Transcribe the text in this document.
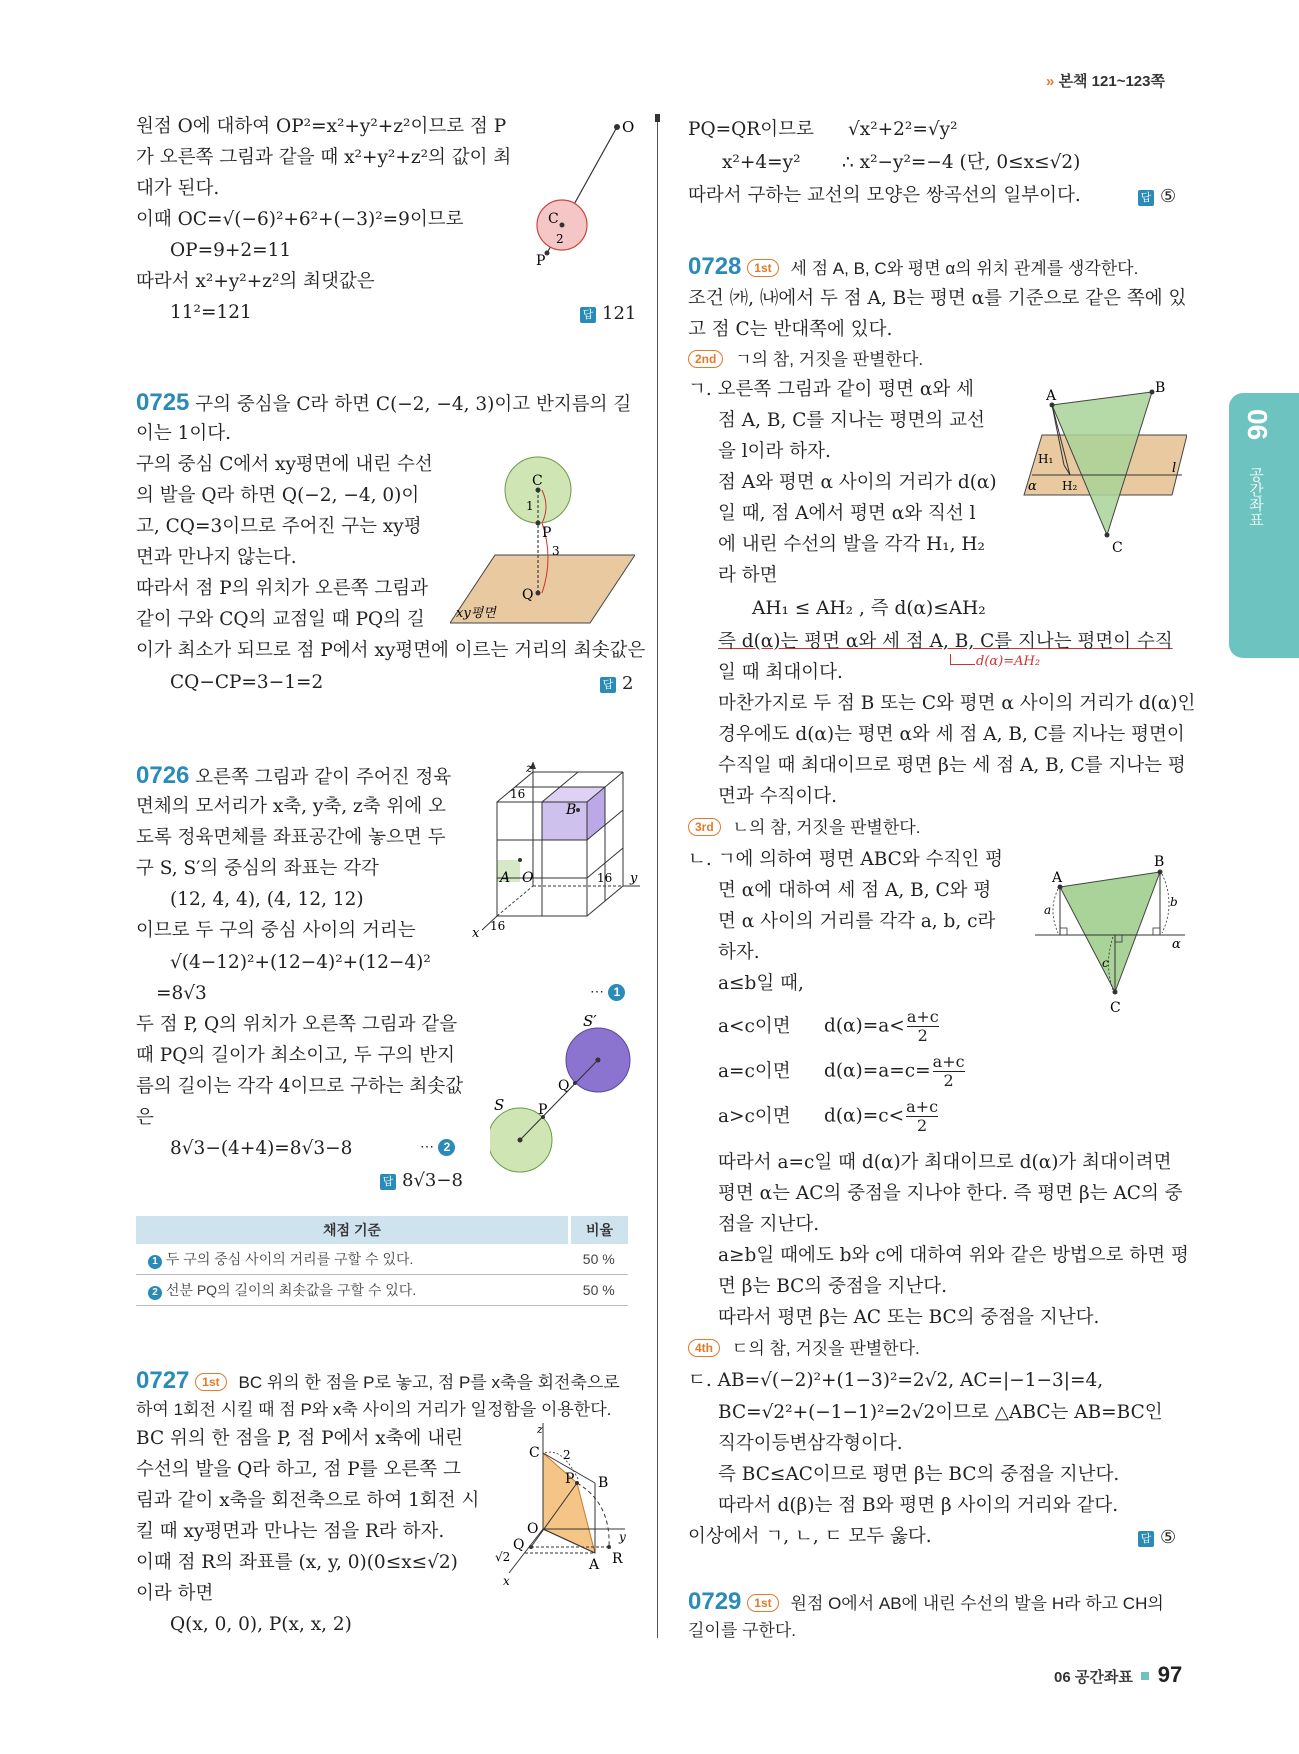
» 본책 121~123쪽
06
공간좌표
원점 O에 대하여 OP²=x²+y²+z²이므로 점 P
가 오른쪽 그림과 같을 때 x²+y²+z²의 값이 최
대가 된다.
이때 OC=√(−6)²+6²+(−3)²=9이므로
OP=9+2=11
따라서 x²+y²+z²의 최댓값은
11²=121	답 121
O
C
2
P
0725 구의 중심을 C라 하면 C(−2, −4, 3)이고 반지름의 길
이는 1이다.
구의 중심 C에서 xy평면에 내린 수선
의 발을 Q라 하면 Q(−2, −4, 0)이
고, CQ=3이므로 주어진 구는 xy평
면과 만나지 않는다.
따라서 점 P의 위치가 오른쪽 그림과
같이 구와 CQ의 교점일 때 PQ의 길
이가 최소가 되므로 점 P에서 xy평면에 이르는 거리의 최솟값은
CQ−CP=3−1=2	답 2
C
1
P
3
Q
xy평면
0726 오른쪽 그림과 같이 주어진 정육
면체의 모서리가 x축, y축, z축 위에 오
도록 정육면체를 좌표공간에 놓으면 두
구 S, S′의 중심의 좌표는 각각
(12, 4, 4), (4, 12, 12)
이므로 두 구의 중심 사이의 거리는
√(4−12)²+(12−4)²+(12−4)²
=8√3	⋯ 1
두 점 P, Q의 위치가 오른쪽 그림과 같을
때 PQ의 길이가 최소이고, 두 구의 반지
름의 길이는 각각 4이므로 구하는 최솟값
은
8√3−(4+4)=8√3−8	⋯ 2
답 8√3−8
z
y
x
16
16
16
B
A O
S′
S
Q
P
채점 기준	비율
1 두 구의 중심 사이의 거리를 구할 수 있다.	50 %
2 선분 PQ의 길이의 최솟값을 구할 수 있다.	50 %
0727 1st BC 위의 한 점을 P로 놓고, 점 P를 x축을 회전축으로
하여 1회전 시킬 때 점 P와 x축 사이의 거리가 일정함을 이용한다.
BC 위의 한 점을 P, 점 P에서 x축에 내린
수선의 발을 Q라 하고, 점 P를 오른쪽 그
림과 같이 x축을 회전축으로 하여 1회전 시
킬 때 xy평면과 만나는 점을 R라 하자.
이때 점 R의 좌표를 (x, y, 0)(0≤x≤√2)
이라 하면
Q(x, 0, 0), P(x, x, 2)
z
C 2
P B
O
Q	y
R
√2	A
x
PQ=QR이므로 √x²+2²=√y²
x²+4=y² ∴ x²−y²=−4 (단, 0≤x≤√2)
따라서 구하는 교선의 모양은 쌍곡선의 일부이다.	답 ⑤
0728 1st 세 점 A, B, C와 평면 α의 위치 관계를 생각한다.
조건 ㈎, ㈏에서 두 점 A, B는 평면 α를 기준으로 같은 쪽에 있
고 점 C는 반대쪽에 있다.
2nd ㄱ의 참, 거짓을 판별한다.
ㄱ. 오른쪽 그림과 같이 평면 α와 세
점 A, B, C를 지나는 평면의 교선
을 l이라 하자.
점 A와 평면 α 사이의 거리가 d(α)
일 때, 점 A에서 평면 α와 직선 l
에 내린 수선의 발을 각각 H₁, H₂
라 하면
AH₁ ≤ AH₂ , 즉 d(α)≤AH₂
즉 d(α)는 평면 α와 세 점 A, B, C를 지나는 평면이 수직
d(α)=AH₂
일 때 최대이다.
마찬가지로 두 점 B 또는 C와 평면 α 사이의 거리가 d(α)인
경우에도 d(α)는 평면 α와 세 점 A, B, C를 지나는 평면이
수직일 때 최대이므로 평면 β는 세 점 A, B, C를 지나는 평
면과 수직이다.
3rd ㄴ의 참, 거짓을 판별한다.
ㄴ. ㄱ에 의하여 평면 ABC와 수직인 평
면 α에 대하여 세 점 A, B, C와 평
면 α 사이의 거리를 각각 a, b, c라
하자.
a≤b일 때,
a<c이면 $d(\alpha)=a< \frac{a+c}{2}$
a=c이면 $d(\alpha)=a=c= \frac{a+c}{2}$
a>c이면 $d(\alpha)=c< \frac{a+c}{2}$
따라서 a=c일 때 d(α)가 최대이므로 d(α)가 최대이려면
평면 α는 AC의 중점을 지나야 한다. 즉 평면 β는 AC의 중
점을 지난다.
a≥b일 때에도 b와 c에 대하여 위와 같은 방법으로 하면 평
면 β는 BC의 중점을 지난다.
따라서 평면 β는 AC 또는 BC의 중점을 지난다.
4th ㄷ의 참, 거짓을 판별한다.
ㄷ. AB=√(−2)²+(1−3)²=2√2, AC=|−1−3|=4,
BC=√2²+(−1−1)²=2√2이므로 △ABC는 AB=BC인
직각이등변삼각형이다.
즉 BC≤AC이므로 평면 β는 BC의 중점을 지난다.
따라서 d(β)는 점 B와 평면 β 사이의 거리와 같다.
이상에서 ㄱ, ㄴ, ㄷ 모두 옳다.	답 ⑤
A	B
H₁
H₂
α
l
C
A
B
C
a
b
c
α
0729 1st 원점 O에서 AB에 내린 수선의 발을 H라 하고 CH의
길이를 구한다.
06 공간좌표 97
